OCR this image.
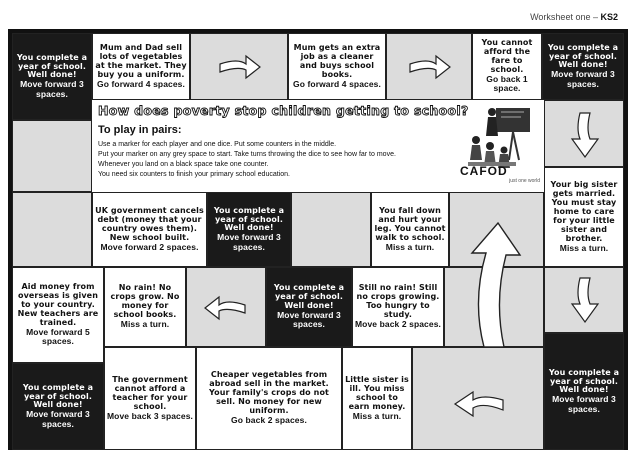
Worksheet one – KS2
You complete a year of school. Well done!
Move forward 3 spaces.
Mum and Dad sell lots of vegetables at the market. They buy you a uniform.
Go forward 4 spaces.
Mum gets an extra job as a cleaner and buys school books.
Go forward 4 spaces.
You cannot afford the fare to school.
Go back 1 space.
You complete a year of school. Well done!
Move forward 3 spaces.
How does poverty stop children getting to school?
To play in pairs:
Use a marker for each player and one dice. Put some counters in the middle.
Put your marker on any grey space to start. Take turns throwing the dice to see how far to move.
Whenever you land on a black space take one counter.
You need six counters to finish your primary school education.	CAFOD
just one world
UK government cancels debt (money that your country owes them). New school built.
Move forward 2 spaces.
You complete a year of school. Well done!
Move forward 3 spaces.
You fall down and hurt your leg. You cannot walk to school.
Miss a turn.
Your big sister gets married. You must stay home to care for your little sister and brother.
Miss a turn.
Aid money from overseas is given to your country. New teachers are trained.
Move forward 5 spaces.
No rain! No crops grow. No money for school books.
Miss a turn.
You complete a year of school. Well done!
Move forward 3 spaces.
Still no rain! Still no crops growing. Too hungry to study.
Move back 2 spaces.
You complete a year of school. Well done!
Move forward 3 spaces.
The government cannot afford a teacher for your school.
Move back 3 spaces.
Cheaper vegetables from abroad sell in the market. Your family's crops do not sell. No money for new uniform.
Go back 2 spaces.
Little sister is ill. You miss school to earn money.
Miss a turn.
You complete a year of school. Well done!
Move forward 3 spaces.
